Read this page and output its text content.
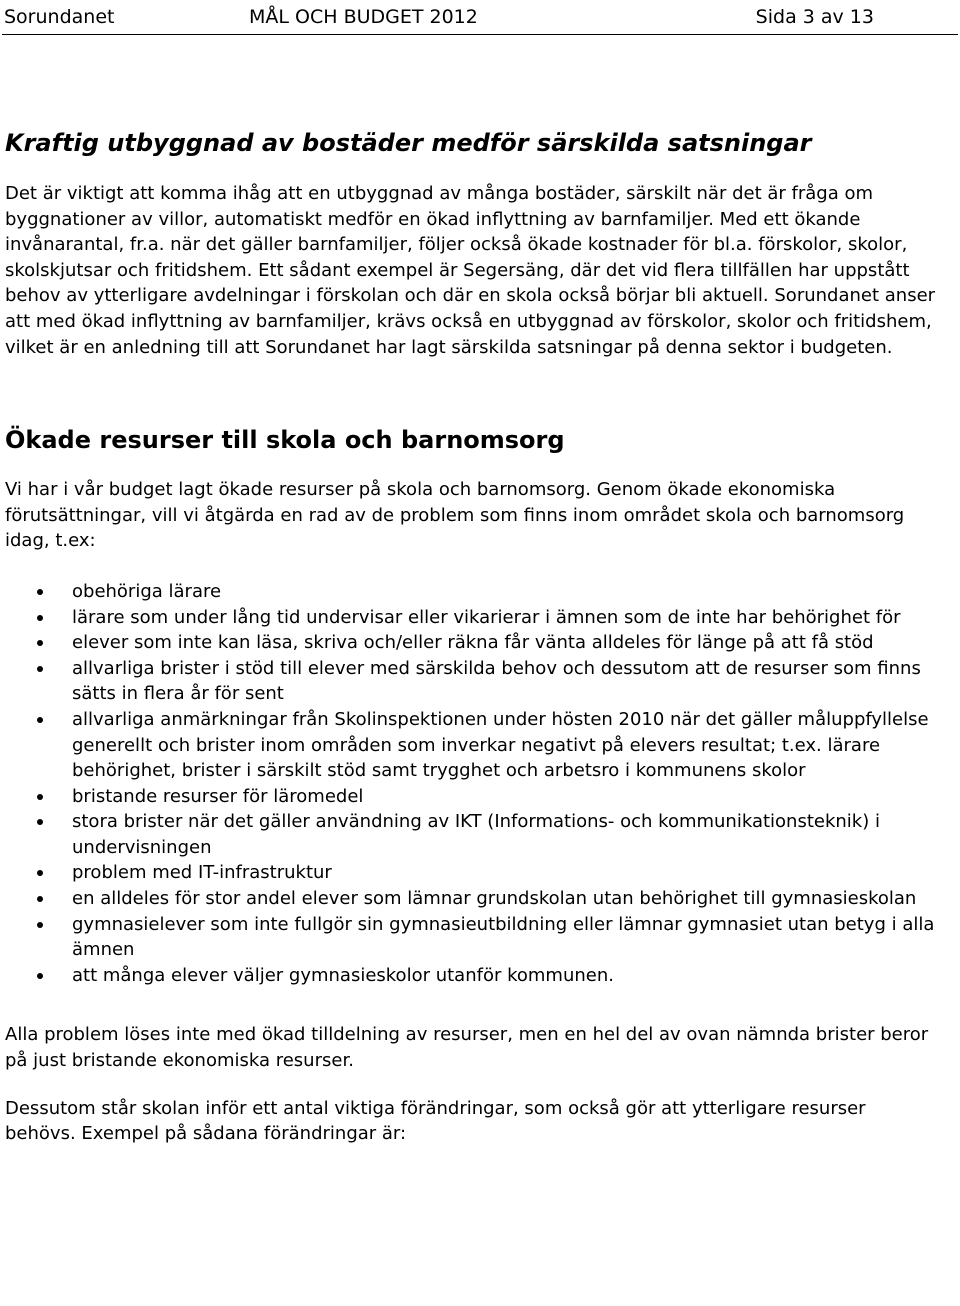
Sorundanet	MÅL OCH BUDGET 2012	Sida 3 av 13
Kraftig utbyggnad av bostäder medför särskilda satsningar

Det är viktigt att komma ihåg att en utbyggnad av många bostäder, särskilt när det är fråga om byggnationer av villor, automatiskt medför en ökad inflyttning av barnfamiljer. Med ett ökande invånarantal, fr.a. när det gäller barnfamiljer, följer också ökade kostnader för bl.a. förskolor, skolor, skolskjutsar och fritidshem. Ett sådant exempel är Segersäng, där det vid flera tillfällen har uppstått behov av ytterligare avdelningar i förskolan och där en skola också börjar bli aktuell. Sorundanet anser att med ökad inflyttning av barnfamiljer, krävs också en utbyggnad av förskolor, skolor och fritidshem, vilket är en anledning till att Sorundanet har lagt särskilda satsningar på denna sektor i budgeten.

Ökade resurser till skola och barnomsorg

Vi har i vår budget lagt ökade resurser på skola och barnomsorg. Genom ökade ekonomiska förutsättningar, vill vi åtgärda en rad av de problem som finns inom området skola och barnomsorg idag, t.ex:

obehöriga lärare
lärare som under lång tid undervisar eller vikarierar i ämnen som de inte har behörighet för
elever som inte kan läsa, skriva och/eller räkna får vänta alldeles för länge på att få stöd
allvarliga brister i stöd till elever med särskilda behov och dessutom att de resurser som finns sätts in flera år för sent
allvarliga anmärkningar från Skolinspektionen under hösten 2010 när det gäller måluppfyllelse generellt och brister inom områden som inverkar negativt på elevers resultat; t.ex. lärare behörighet, brister i särskilt stöd samt trygghet och arbetsro i kommunens skolor
bristande resurser för läromedel
stora brister när det gäller användning av IKT (Informations- och kommunikationsteknik) i undervisningen
problem med IT-infrastruktur
en alldeles för stor andel elever som lämnar grundskolan utan behörighet till gymnasieskolan
gymnasielever som inte fullgör sin gymnasieutbildning eller lämnar gymnasiet utan betyg i alla ämnen
att många elever väljer gymnasieskolor utanför kommunen.

Alla problem löses inte med ökad tilldelning av resurser, men en hel del av ovan nämnda brister beror på just bristande ekonomiska resurser.

Dessutom står skolan inför ett antal viktiga förändringar, som också gör att ytterligare resurser behövs. Exempel på sådana förändringar är:
